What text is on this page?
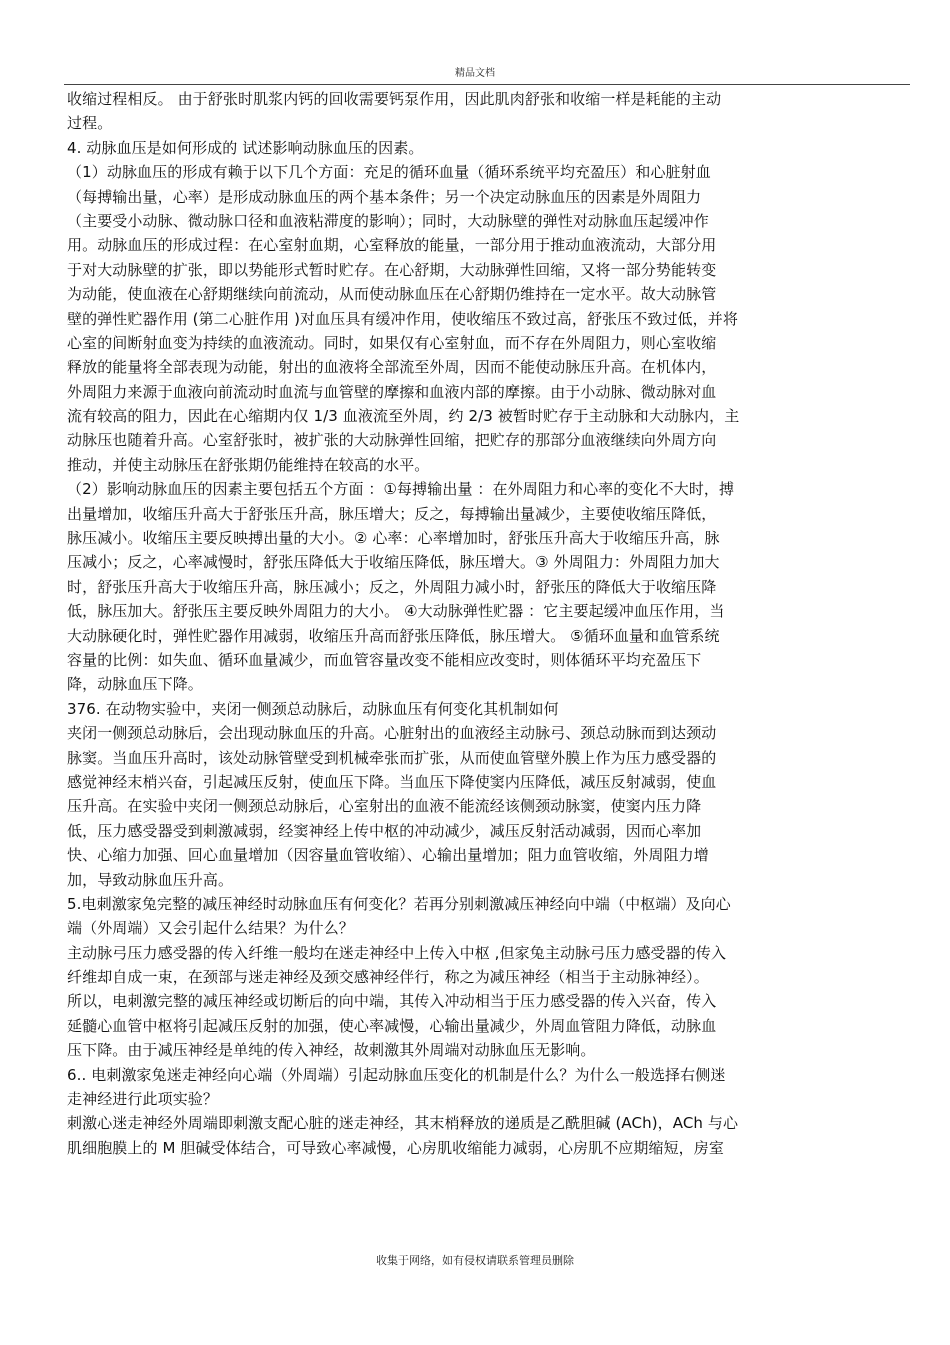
精品文档
收缩过程相反。 由于舒张时肌浆内钙的回收需要钙泵作用，因此肌肉舒张和收缩一样是耗能的主动
过程。
4. 动脉血压是如何形成的 试述影响动脉血压的因素。
（1）动脉血压的形成有赖于以下几个方面：充足的循环血量（循环系统平均充盈压）和心脏射血
（每搏输出量，心率）是形成动脉血压的两个基本条件；另一个决定动脉血压的因素是外周阻力
（主要受小动脉、微动脉口径和血液粘滞度的影响）；同时，大动脉壁的弹性对动脉血压起缓冲作
用。动脉血压的形成过程：在心室射血期，心室释放的能量，一部分用于推动血液流动，大部分用
于对大动脉壁的扩张，即以势能形式暂时贮存。在心舒期，大动脉弹性回缩，又将一部分势能转变
为动能，使血液在心舒期继续向前流动，从而使动脉血压在心舒期仍维持在一定水平。故大动脉管
壁的弹性贮器作用 (第二心脏作用 )对血压具有缓冲作用，使收缩压不致过高，舒张压不致过低，并将
心室的间断射血变为持续的血液流动。同时，如果仅有心室射血，而不存在外周阻力，则心室收缩
释放的能量将全部表现为动能，射出的血液将全部流至外周，因而不能使动脉压升高。在机体内，
外周阻力来源于血液向前流动时血流与血管壁的摩擦和血液内部的摩擦。由于小动脉、微动脉对血
流有较高的阻力，因此在心缩期内仅 1/3 血液流至外周，约 2/3 被暂时贮存于主动脉和大动脉内，主
动脉压也随着升高。心室舒张时，被扩张的大动脉弹性回缩，把贮存的那部分血液继续向外周方向
推动，并使主动脉压在舒张期仍能维持在较高的水平。
（2）影响动脉血压的因素主要包括五个方面 ：①每搏输出量 ：在外周阻力和心率的变化不大时，搏
出量增加，收缩压升高大于舒张压升高，脉压增大；反之，每搏输出量减少，主要使收缩压降低，
脉压减小。收缩压主要反映搏出量的大小。② 心率：心率增加时，舒张压升高大于收缩压升高，脉
压减小；反之，心率减慢时，舒张压降低大于收缩压降低，脉压增大。③ 外周阻力：外周阻力加大
时，舒张压升高大于收缩压升高，脉压减小；反之，外周阻力减小时，舒张压的降低大于收缩压降
低，脉压加大。舒张压主要反映外周阻力的大小。 ④大动脉弹性贮器 ：它主要起缓冲血压作用，当
大动脉硬化时，弹性贮器作用减弱，收缩压升高而舒张压降低，脉压增大。 ⑤循环血量和血管系统
容量的比例：如失血、循环血量减少，而血管容量改变不能相应改变时，则体循环平均充盈压下
降，动脉血压下降。
376. 在动物实验中，夹闭一侧颈总动脉后，动脉血压有何变化其机制如何
夹闭一侧颈总动脉后，会出现动脉血压的升高。心脏射出的血液经主动脉弓、颈总动脉而到达颈动
脉窦。当血压升高时，该处动脉管壁受到机械牵张而扩张，从而使血管壁外膜上作为压力感受器的
感觉神经末梢兴奋，引起减压反射，使血压下降。当血压下降使窦内压降低，减压反射减弱，使血
压升高。在实验中夹闭一侧颈总动脉后，心室射出的血液不能流经该侧颈动脉窦，使窦内压力降
低，压力感受器受到刺激减弱，经窦神经上传中枢的冲动减少，减压反射活动减弱，因而心率加
快、心缩力加强、回心血量增加（因容量血管收缩）、心输出量增加；阻力血管收缩，外周阻力增
加，导致动脉血压升高。
5.电刺激家兔完整的减压神经时动脉血压有何变化？若再分别刺激减压神经向中端（中枢端）及向心
端（外周端）又会引起什么结果？为什么？
主动脉弓压力感受器的传入纤维一般均在迷走神经中上传入中枢 ,但家兔主动脉弓压力感受器的传入
纤维却自成一束，在颈部与迷走神经及颈交感神经伴行，称之为减压神经（相当于主动脉神经）。
所以，电刺激完整的减压神经或切断后的向中端，其传入冲动相当于压力感受器的传入兴奋，传入
延髓心血管中枢将引起减压反射的加强，使心率减慢，心输出量减少，外周血管阻力降低，动脉血
压下降。由于减压神经是单纯的传入神经，故刺激其外周端对动脉血压无影响。
6.. 电刺激家兔迷走神经向心端（外周端）引起动脉血压变化的机制是什么？为什么一般选择右侧迷
走神经进行此项实验？
刺激心迷走神经外周端即刺激支配心脏的迷走神经，其末梢释放的递质是乙酰胆碱 (ACh)，ACh 与心
肌细胞膜上的 M 胆碱受体结合，可导致心率减慢，心房肌收缩能力减弱，心房肌不应期缩短，房室
收集于网络，如有侵权请联系管理员删除
